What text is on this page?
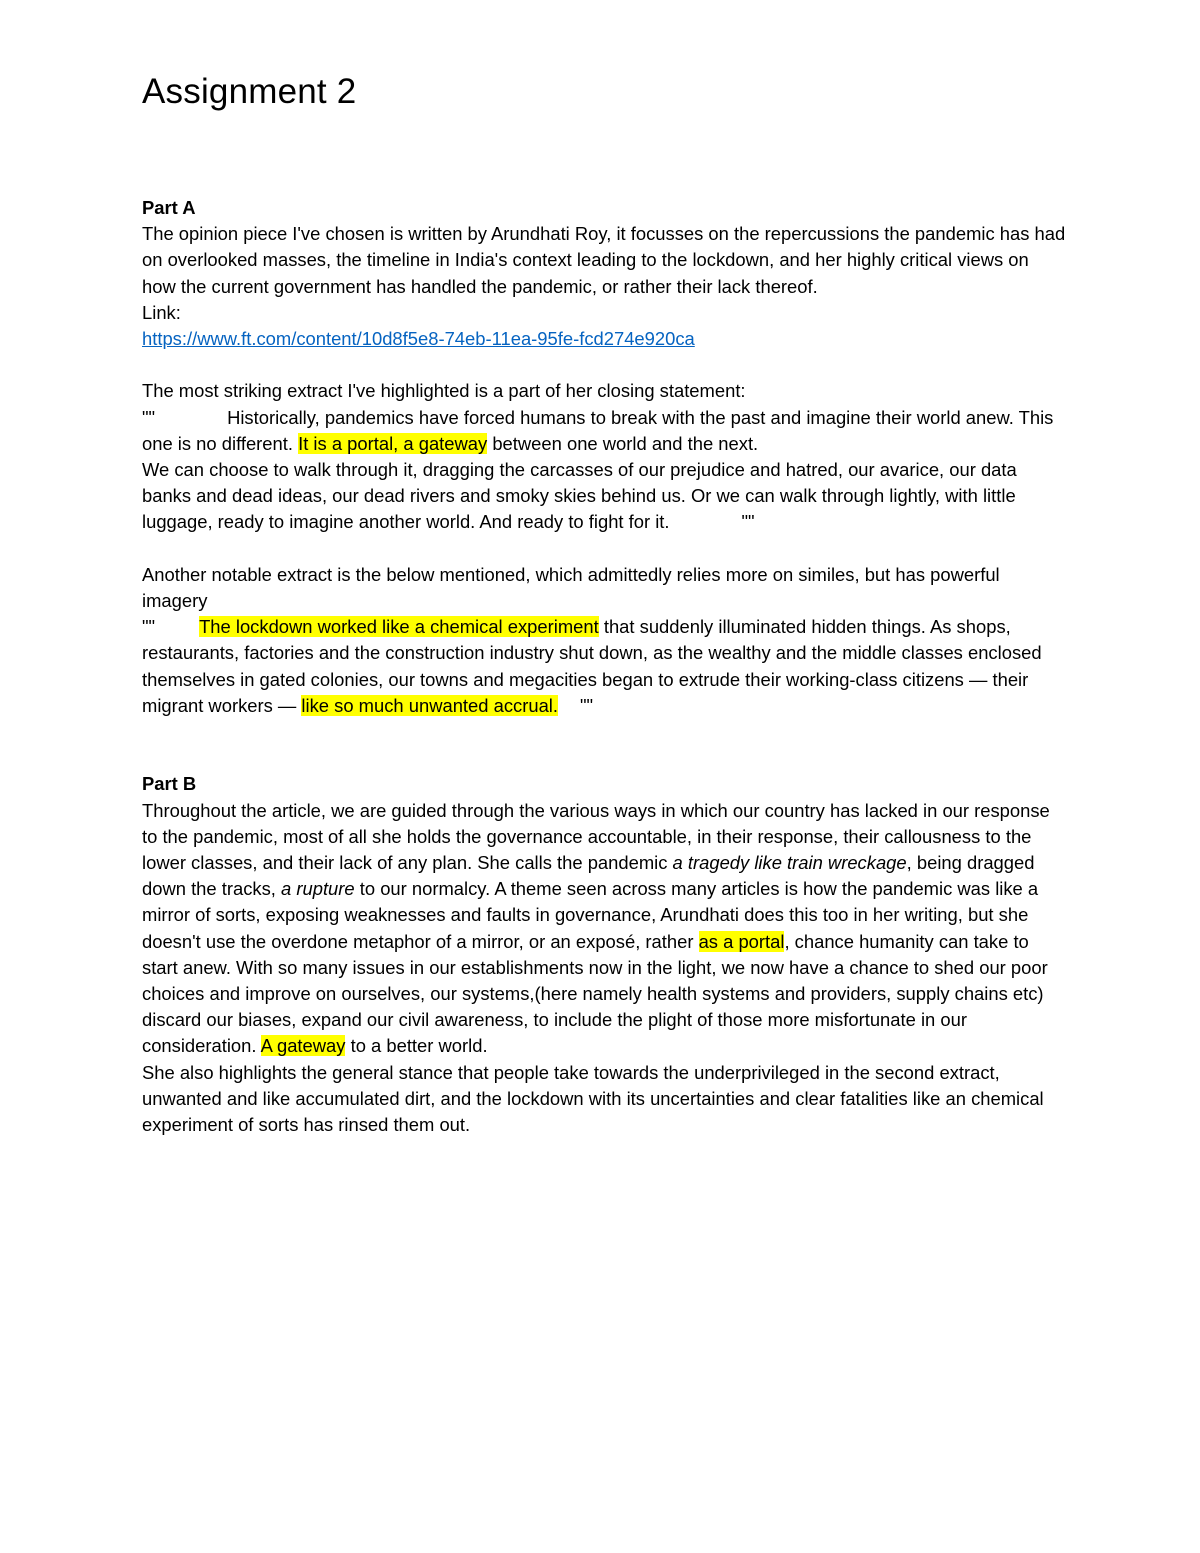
Assignment 2

Part A

The opinion piece I've chosen is written by Arundhati Roy, it focusses on the repercussions the pandemic has had on overlooked masses, the timeline in India's context leading to the lockdown, and her highly critical views on how the current government has handled the pandemic, or rather their lack thereof.

Link:

https://www.ft.com/content/10d8f5e8-74eb-11ea-95fe-fcd274e920ca

The most striking extract I've highlighted is a part of her closing statement:

""	Historically, pandemics have forced humans to break with the past and imagine their world anew. This one is no different. It is a portal, a gateway between one world and the next.

We can choose to walk through it, dragging the carcasses of our prejudice and hatred, our avarice, our data banks and dead ideas, our dead rivers and smoky skies behind us. Or we can walk through lightly, with little luggage, ready to imagine another world. And ready to fight for it.	""

Another notable extract is the below mentioned, which admittedly relies more on similes, but has powerful imagery

"" The lockdown worked like a chemical experiment that suddenly illuminated hidden things. As shops, restaurants, factories and the construction industry shut down, as the wealthy and the middle classes enclosed themselves in gated colonies, our towns and megacities began to extrude their working-class citizens — their migrant workers — like so much unwanted accrual. ""

Part B

Throughout the article, we are guided through the various ways in which our country has lacked in our response to the pandemic, most of all she holds the governance accountable, in their response, their callousness to the lower classes, and their lack of any plan. She calls the pandemic a tragedy like train wreckage, being dragged down the tracks, a rupture to our normalcy. A theme seen across many articles is how the pandemic was like a mirror of sorts, exposing weaknesses and faults in governance, Arundhati does this too in her writing, but she doesn't use the overdone metaphor of a mirror, or an exposé, rather as a portal, chance humanity can take to start anew. With so many issues in our establishments now in the light, we now have a chance to shed our poor choices and improve on ourselves, our systems,(here namely health systems and providers, supply chains etc) discard our biases, expand our civil awareness, to include the plight of those more misfortunate in our consideration. A gateway to a better world.

She also highlights the general stance that people take towards the underprivileged in the second extract, unwanted and like accumulated dirt, and the lockdown with its uncertainties and clear fatalities like an chemical experiment of sorts has rinsed them out.
